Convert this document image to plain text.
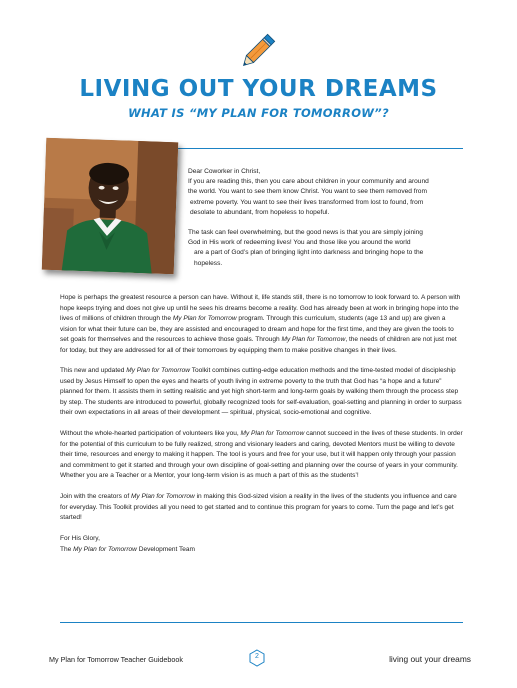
LIVING OUT YOUR DREAMS
WHAT IS “MY PLAN FOR TOMORROW”?

Dear Coworker in Christ,

If you are reading this, then you care about children in your community and around

the world. You want to see them know Christ. You want to see them removed from

extreme poverty. You want to see their lives transformed from lost to found, from

desolate to abundant, from hopeless to hopeful.

The task can feel overwhelming, but the good news is that you are simply joining

God in His work of redeeming lives! You and those like you around the world

are a part of God’s plan of bringing light into darkness and bringing hope to the

hopeless.

Hope is perhaps the greatest resource a person can have. Without it, life stands still, there is no tomorrow to look forward to. A person with hope keeps trying and does not give up until he sees his dreams become a reality. God has already been at work in bringing hope into the lives of millions of children through the My Plan for Tomorrow program. Through this curriculum, students (age 13 and up) are given a vision for what their future can be, they are assisted and encouraged to dream and hope for the first time, and they are given the tools to set goals for themselves and the resources to achieve those goals. Through My Plan for Tomorrow, the needs of children are not just met for today, but they are addressed for all of their tomorrows by equipping them to make positive changes in their lives.

This new and updated My Plan for Tomorrow Toolkit combines cutting-edge education methods and the time-tested model of discipleship used by Jesus Himself to open the eyes and hearts of youth living in extreme poverty to the truth that God has “a hope and a future” planned for them. It assists them in setting realistic and yet high short-term and long-term goals by walking them through the process step by step. The students are introduced to powerful, globally recognized tools for self-evaluation, goal-setting and planning in order to surpass their own expectations in all areas of their development — spiritual, physical, socio-emotional and cognitive.

Without the whole-hearted participation of volunteers like you, My Plan for Tomorrow cannot succeed in the lives of these students. In order for the potential of this curriculum to be fully realized, strong and visionary leaders and caring, devoted Mentors must be willing to devote their time, resources and energy to making it happen. The tool is yours and free for your use, but it will happen only through your passion and commitment to get it started and through your own discipline of goal-setting and planning over the course of years in your community. Whether you are a Teacher or a Mentor, your long-term vision is as much a part of this as the students’!

Join with the creators of My Plan for Tomorrow in making this God-sized vision a reality in the lives of the students you influence and care for everyday. This Toolkit provides all you need to get started and to continue this program for years to come. Turn the page and let’s get started!

For His Glory,

The My Plan for Tomorrow Development Team

My Plan for Tomorrow Teacher Guidebook	2	living out your dreams
